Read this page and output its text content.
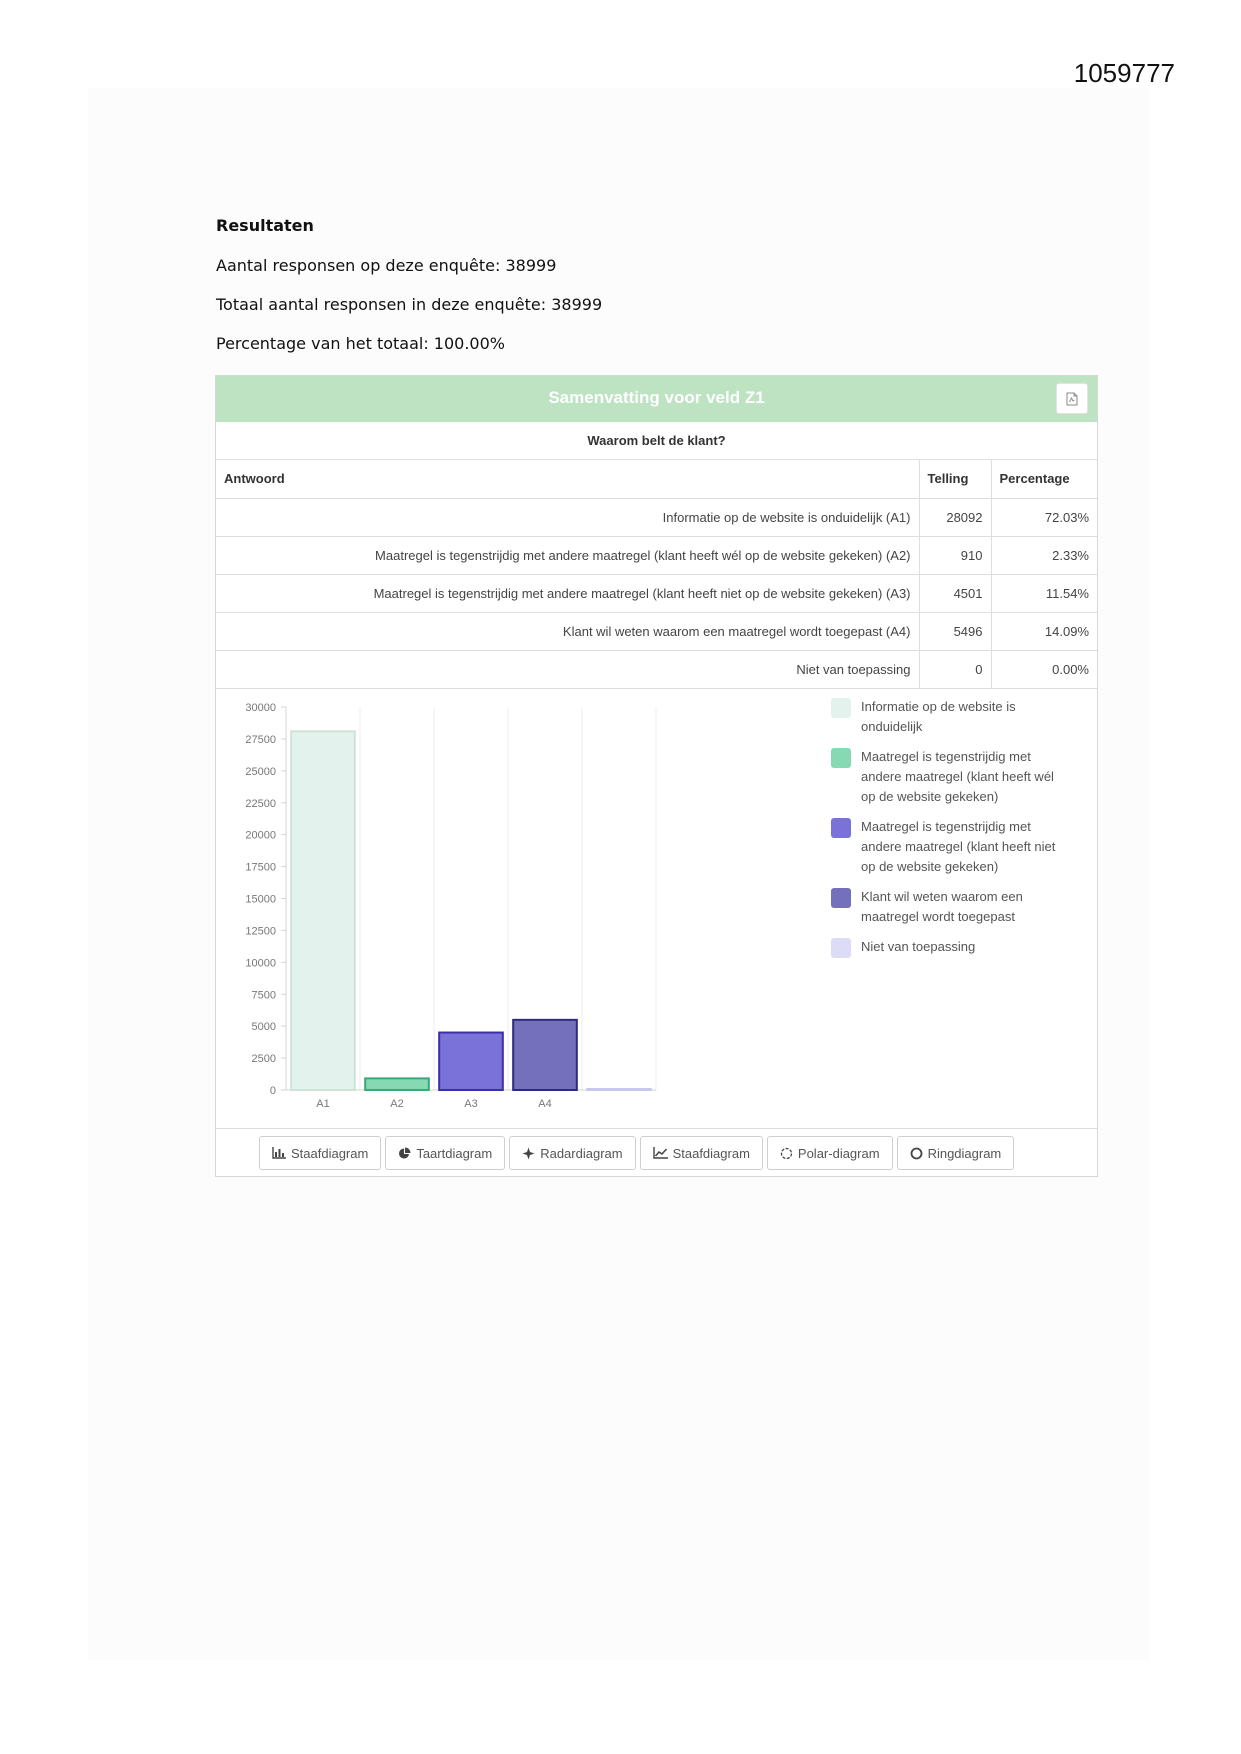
1059777
Resultaten
Aantal responsen op deze enquête: 38999
Totaal aantal responsen in deze enquête: 38999
Percentage van het totaal: 100.00%
Samenvatting voor veld Z1
Waarom belt de klant?
Antwoord	Telling	Percentage
Informatie op de website is onduidelijk (A1)	28092	72.03%
Maatregel is tegenstrijdig met andere maatregel (klant heeft wél op de website gekeken) (A2)	910	2.33%
Maatregel is tegenstrijdig met andere maatregel (klant heeft niet op de website gekeken) (A3)	4501	11.54%
Klant wil weten waarom een maatregel wordt toegepast (A4)	5496	14.09%
Niet van toepassing	0	0.00%
0
2500
5000
7500
10000
12500
15000
17500
20000
22500
25000
27500
30000
A1	A2	A3	A4
Informatie op de website is onduidelijk
Maatregel is tegenstrijdig met andere maatregel (klant heeft wél op de website gekeken)
Maatregel is tegenstrijdig met andere maatregel (klant heeft niet op de website gekeken)
Klant wil weten waarom een maatregel wordt toegepast
Niet van toepassing
Staafdiagram	Taartdiagram	Radardiagram	Staafdiagram	Polar-diagram	Ringdiagram
